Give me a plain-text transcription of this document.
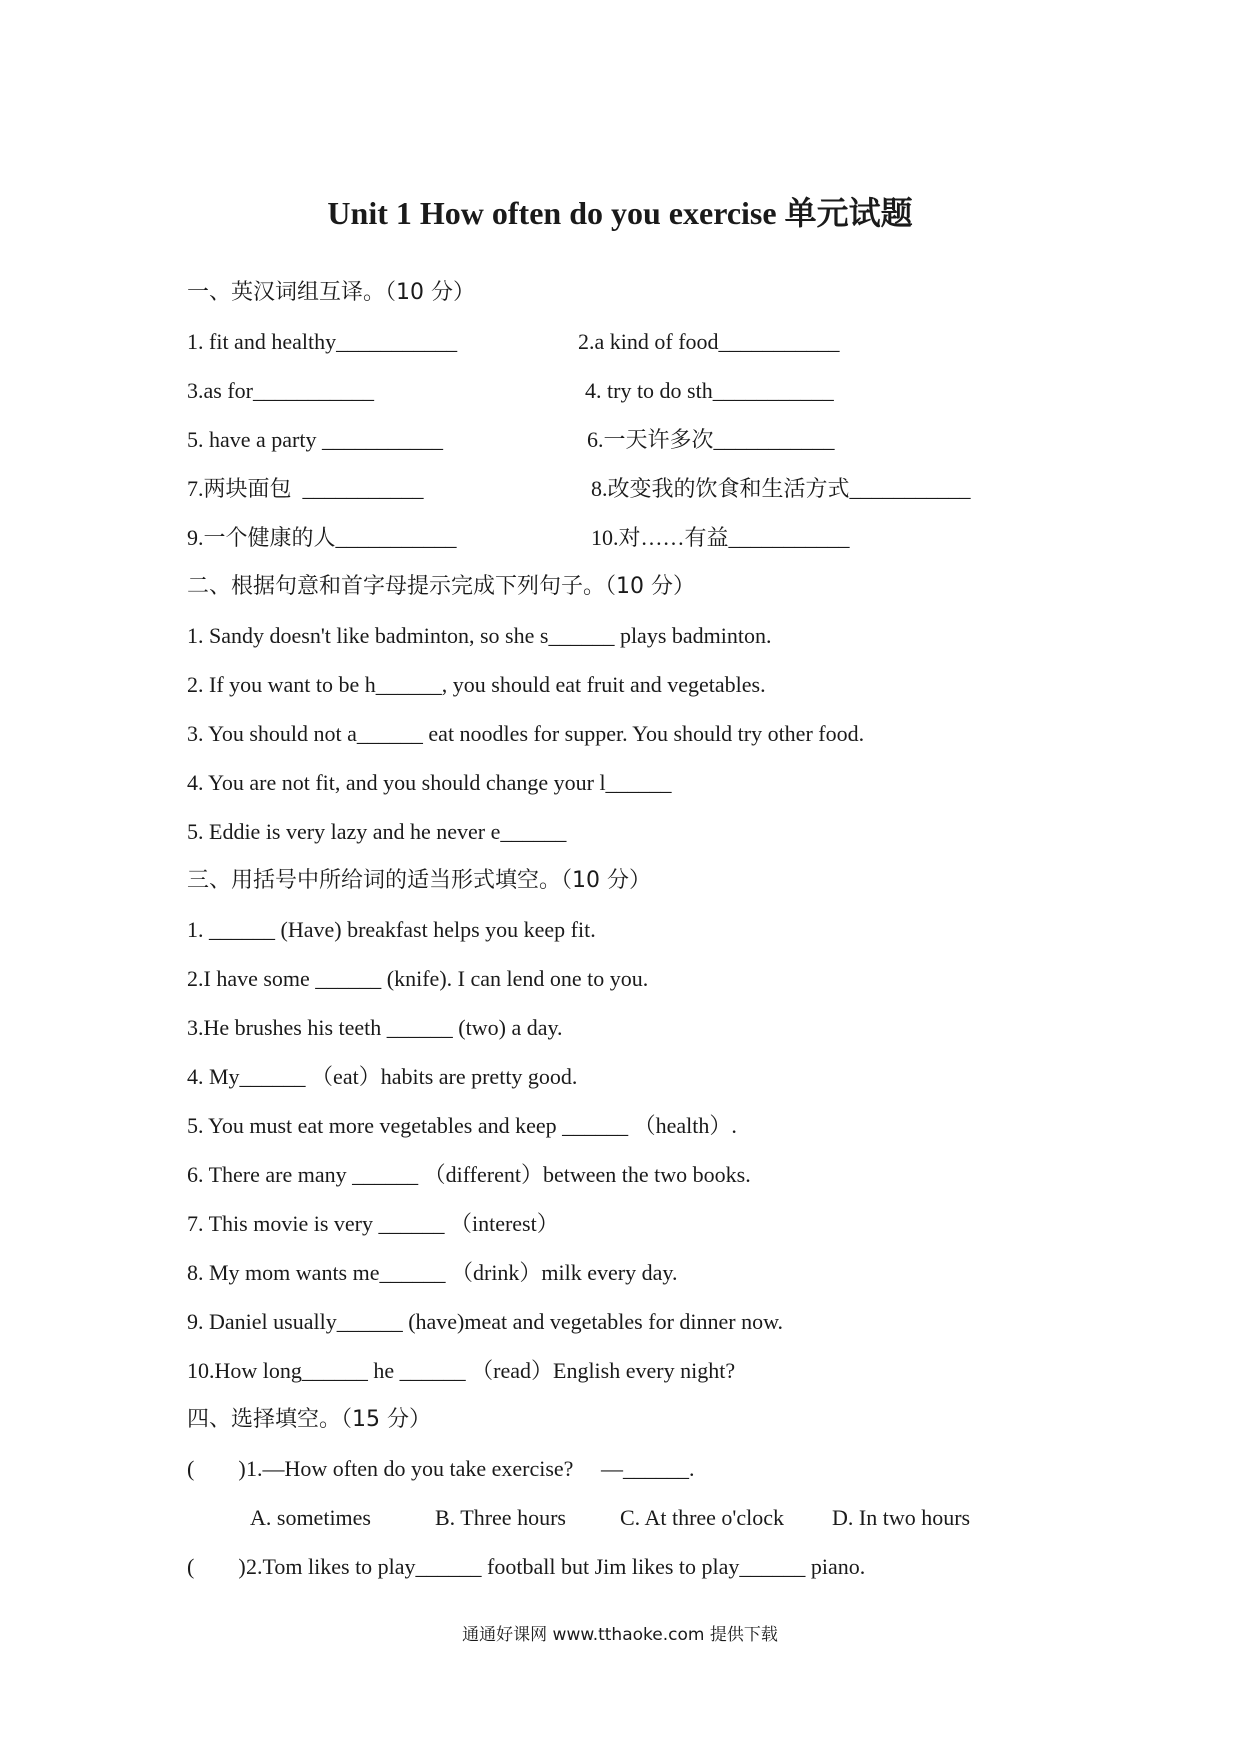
Unit 1 How often do you exercise 单元试题
一、英汉词组互译。（10 分）
1. fit and healthy___________	2.a kind of food___________
3.as for___________	4. try to do sth___________
5. have a party ___________	6.一天许多次___________
7.两块面包  ___________	8.改变我的饮食和生活方式___________
9.一个健康的人___________	10.对……有益___________
二、根据句意和首字母提示完成下列句子。（10 分）
1. Sandy doesn't like badminton, so she s______ plays badminton.
2. If you want to be h______, you should eat fruit and vegetables.
3. You should not a______ eat noodles for supper. You should try other food.
4. You are not fit, and you should change your l______
5. Eddie is very lazy and he never e______
三、用括号中所给词的适当形式填空。（10 分）
1. ______ (Have) breakfast helps you keep fit.
2.I have some ______ (knife). I can lend one to you.
3.He brushes his teeth ______ (two) a day.
4. My______ （eat）habits are pretty good.
5. You must eat more vegetables and keep ______ （health）.
6. There are many ______ （different）between the two books.
7. This movie is very ______ （interest）
8. My mom wants me______ （drink）milk every day.
9. Daniel usually______ (have)meat and vegetables for dinner now.
10.How long______ he ______ （read）English every night?
四、选择填空。（15 分）
(        ) 1.—How often do you take exercise?     —______.
A. sometimes	B. Three hours C. At three o'clock D. In two hours
(        ) 2.Tom likes to play______ football but Jim likes to play______ piano.
通通好课网 www.tthaoke.com 提供下载
